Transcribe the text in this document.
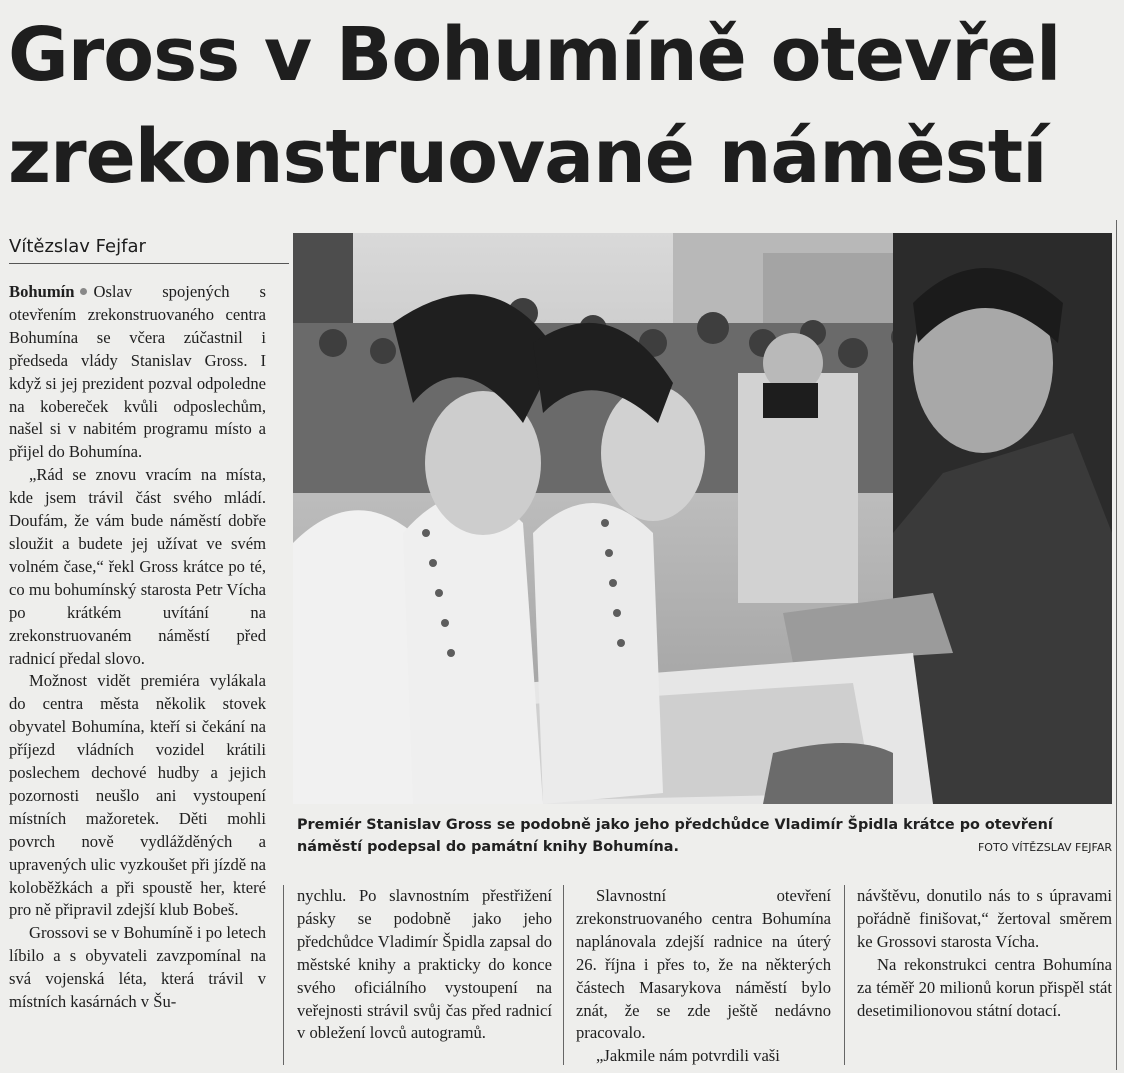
Gross v Bohumíně otevřel
zrekonstruované náměstí
Vítězslav Fejfar

Bohumín Oslav spojených s otevřením zrekonstruovaného centra Bohumína se včera zúčastnil i předseda vlády Stanislav Gross. I když si jej prezident pozval odpoledne na kobereček kvůli odposlechům, našel si v nabitém programu místo a přijel do Bohumína.

„Rád se znovu vracím na místa, kde jsem trávil část svého mládí. Doufám, že vám bude náměstí dobře sloužit a budete jej užívat ve svém volném čase,“ řekl Gross krátce po té, co mu bohumínský starosta Petr Vícha po krátkém uvítání na zrekonstruovaném náměstí před radnicí předal slovo.

Možnost vidět premiéra vylákala do centra města několik stovek obyvatel Bohumína, kteří si čekání na příjezd vládních vozidel krátili poslechem dechové hudby a jejich pozornosti neušlo ani vystoupení místních mažoretek. Děti mohli povrch nově vydlážděných a upravených ulic vyzkoušet při jízdě na koloběžkách a při spoustě her, které pro ně připravil zdejší klub Bobeš.

Grossovi se v Bohumíně i po letech líbilo a s obyvateli zavzpomínal na svá vojenská léta, která trávil v místních kasárnách v Šu-

Premiér Stanislav Gross se podobně jako jeho předchůdce Vladimír Špidla krátce po otevření náměstí podepsal do památní knihy Bohumína.	FOTO VÍTĚZSLAV FEJFAR

nychlu. Po slavnostním přestřižení pásky se podobně jako jeho předchůdce Vladimír Špidla zapsal do městské knihy a prakticky do konce svého oficiálního vystoupení na veřejnosti strávil svůj čas před radnicí v obležení lovců autogramů.

Slavnostní otevření zrekonstruovaného centra Bohumína naplánovala zdejší radnice na úterý 26. října i přes to, že na některých částech Masarykova náměstí bylo znát, že se zde ještě nedávno pracovalo.

„Jakmile nám potvrdili vaši

návštěvu, donutilo nás to s úpravami pořádně finišovat,“ žertoval směrem ke Grossovi starosta Vícha.

Na rekonstrukci centra Bohumína za téměř 20 milionů korun přispěl stát desetimilionovou státní dotací.
